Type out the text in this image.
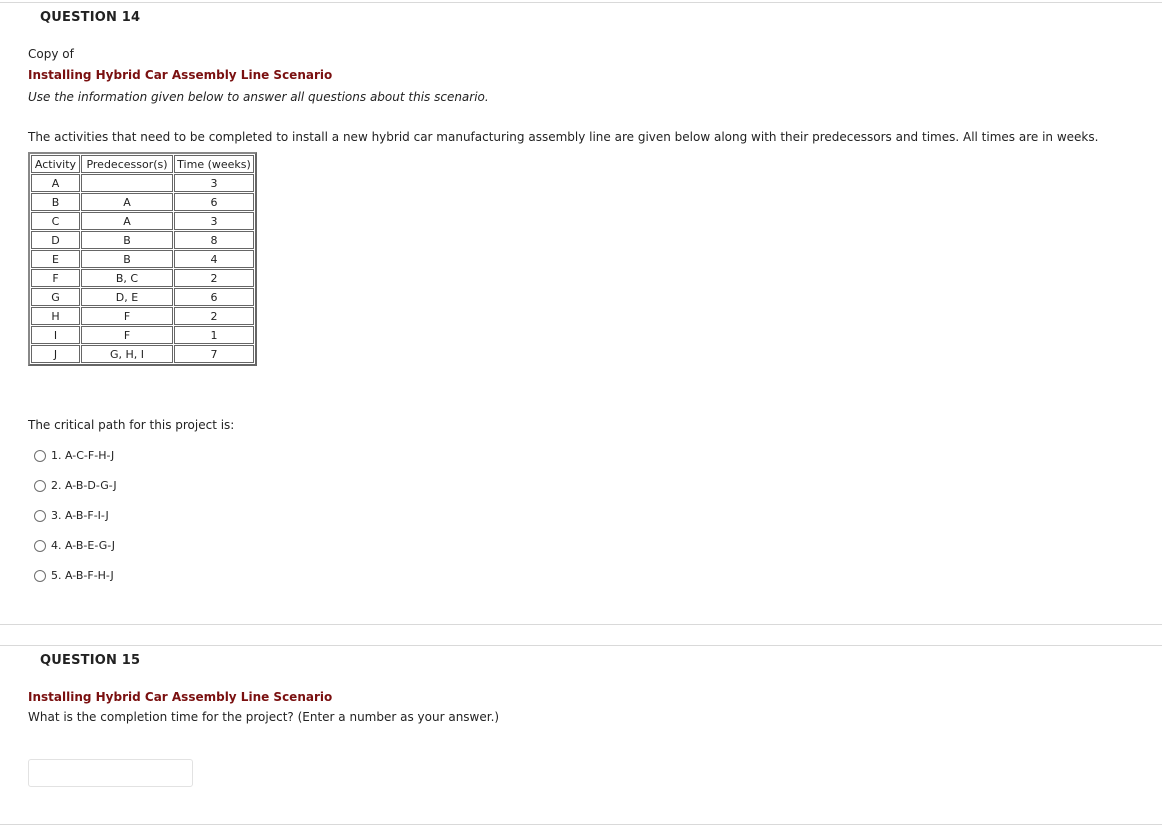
QUESTION 14
Copy of
Installing Hybrid Car Assembly Line Scenario
Use the information given below to answer all questions about this scenario.
The activities that need to be completed to install a new hybrid car manufacturing assembly line are given below along with their predecessors and times. All times are in weeks.
Activity	Predecessor(s)	Time (weeks)
A		3
B	A	6
C	A	3
D	B	8
E	B	4
F	B, C	2
G	D, E	6
H	F	2
I	F	1
J	G, H, I	7
The critical path for this project is:
1. A-C-F-H-J
2. A-B-D-G-J
3. A-B-F-I-J
4. A-B-E-G-J
5. A-B-F-H-J
QUESTION 15
Installing Hybrid Car Assembly Line Scenario
What is the completion time for the project? (Enter a number as your answer.)
